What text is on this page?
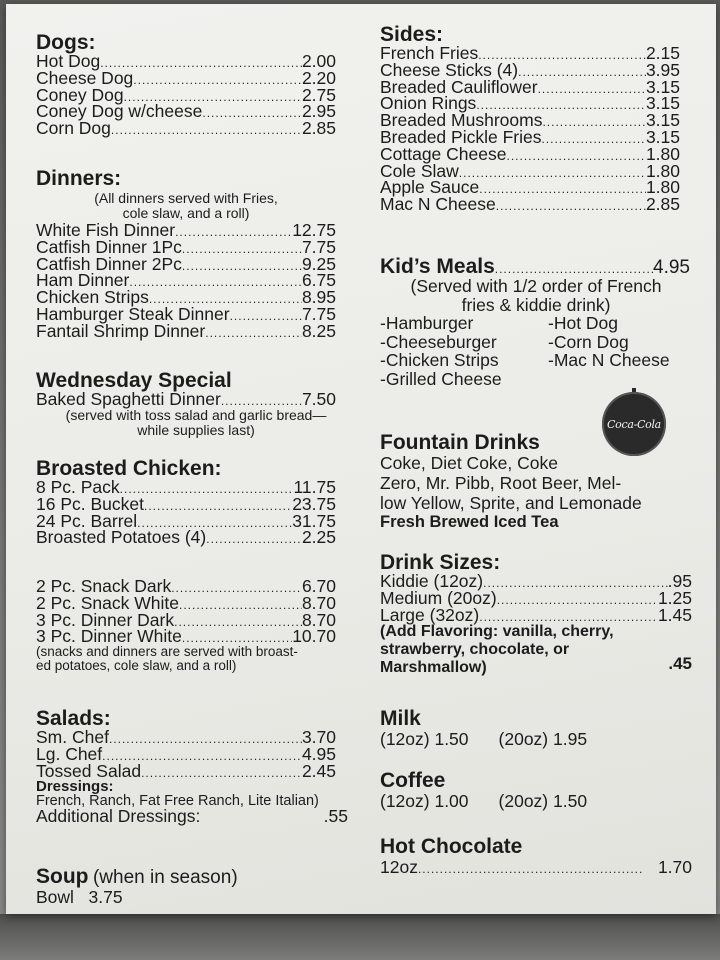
Dogs:
Hot Dog .....	2.00
Cheese Dog .....	2.20
Coney Dog .....	2.75
Coney Dog w/cheese .....	2.95
Corn Dog .....	2.85
Dinners:
(All dinners served with Fries,
cole slaw, and a roll)
White Fish Dinner .....	12.75
Catfish Dinner 1Pc .....	7.75
Catfish Dinner 2Pc .....	9.25
Ham Dinner .....	6.75
Chicken Strips .....	8.95
Hamburger Steak Dinner .....	7.75
Fantail Shrimp Dinner .....	8.25
Wednesday Special
Baked Spaghetti Dinner .....	7.50
(served with toss salad and garlic bread—
while supplies last)
Broasted Chicken:
8 Pc. Pack .....	11.75
16 Pc. Bucket .....	23.75
24 Pc. Barrel .....	31.75
Broasted Potatoes (4) .....	2.25
2 Pc. Snack Dark .....	6.70
2 Pc. Snack White .....	8.70
3 Pc. Dinner Dark .....	8.70
3 Pc. Dinner White .....	10.70
(snacks and dinners are served with broast-
ed potatoes, cole slaw, and a roll)
Salads:
Sm. Chef .....	3.70
Lg. Chef .....	4.95
Tossed Salad .....	2.45
Dressings:
French, Ranch, Fat Free Ranch, Lite Italian)
Additional Dressings:	.55
Soup (when in season)
Bowl   3.75
Sides:
French Fries .....	2.15
Cheese Sticks (4) .....	3.95
Breaded Cauliflower .....	3.15
Onion Rings .....	3.15
Breaded Mushrooms .....	3.15
Breaded Pickle Fries .....	3.15
Cottage Cheese .....	1.80
Cole Slaw .....	1.80
Apple Sauce .....	1.80
Mac N Cheese .....	2.85
Kid’s Meals .....	4.95
(Served with 1/2 order of French
fries & kiddie drink)
-Hamburger	-Hot Dog
-Cheeseburger	-Corn Dog
-Chicken Strips	-Mac N Cheese
-Grilled Cheese
Coca-Cola
Fountain Drinks
Coke, Diet Coke, Coke
Zero, Mr. Pibb, Root Beer, Mel-
low Yellow, Sprite, and Lemonade
Fresh Brewed Iced Tea
Drink Sizes:
Kiddie (12oz) .....	.95
Medium (20oz) .....	1.25
Large (32oz) .....	1.45
(Add Flavoring: vanilla, cherry,
strawberry, chocolate, or
Marshmallow)	.45
Milk
(12oz) 1.50 (20oz) 1.95
Coffee
(12oz) 1.00 (20oz) 1.50
Hot Chocolate
12oz .....	1.70
